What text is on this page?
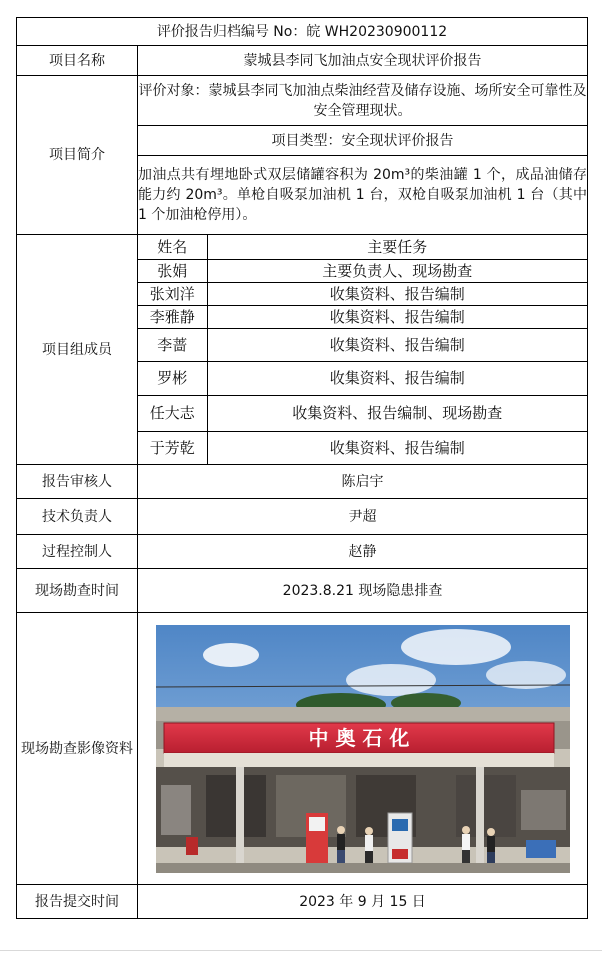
评价报告归档编号 No：皖 WH20230900112
项目名称	蒙城县李同飞加油点安全现状评价报告
项目简介	评价对象：蒙城县李同飞加油点柴油经营及储存设施、场所安全可靠性及安全管理现状。
项目类型：安全现状评价报告
加油点共有埋地卧式双层储罐容积为 20m³的柴油罐 1 个，成品油储存能力约 20m³。单枪自吸泵加油机 1 台，双枪自吸泵加油机 1 台（其中 1 个加油枪停用）。
项目组成员	
姓名	主要任务
张娟	主要负责人、现场勘查
张刘洋	收集资料、报告编制
李雅静	收集资料、报告编制
李蔷	收集资料、报告编制
罗彬	收集资料、报告编制
任大志	收集资料、报告编制、现场勘查
于芳乾	收集资料、报告编制

报告审核人	陈启宇
技术负责人	尹超
过程控制人	赵静
现场勘查时间	2023.8.21 现场隐患排查
现场勘查影像资料	中 奥 石 化

报告提交时间	2023 年 9 月 15 日
